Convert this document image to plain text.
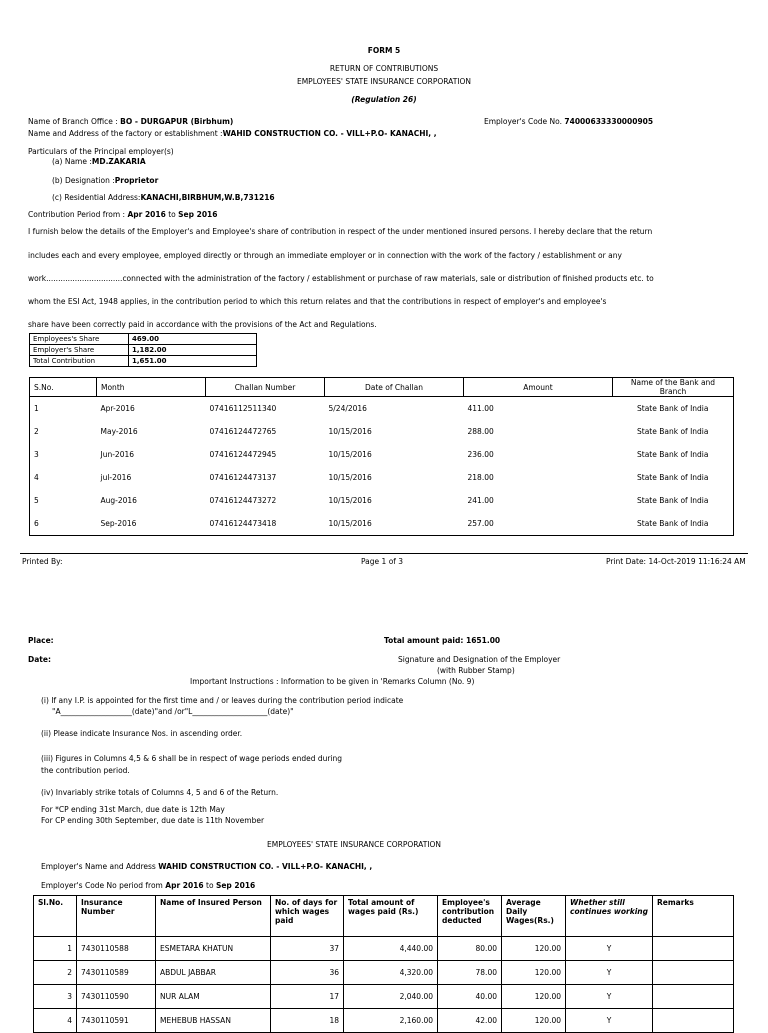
FORM 5
RETURN OF CONTRIBUTIONS
EMPLOYEES' STATE INSURANCE CORPORATION
(Regulation 26)
Name of Branch Office : BO - DURGAPUR (Birbhum)	Employer's Code No. 74000633330000905
Name and Address of the factory or establishment :WAHID CONSTRUCTION CO. - VILL+P.O- KANACHI, ,
Particulars of the Principal employer(s)
(a) Name :MD.ZAKARIA
(b) Designation :Proprietor
(c) Residential Address:KANACHI,BIRBHUM,W.B,731216
Contribution Period from : Apr 2016 to Sep 2016
I furnish below the details of the Employer's and Employee's share of contribution in respect of the under mentioned insured persons. I hereby declare that the return
includes each and every employee, employed directly or through an immediate employer or in connection with the work of the factory / establishment or any
work................................connected with the administration of the factory / establishment or purchase of raw materials, sale or distribution of finished products etc. to
whom the ESI Act, 1948 applies, in the contribution period to which this return relates and that the contributions in respect of employer's and employee's
share have been correctly paid in accordance with the provisions of the Act and Regulations.
Employees's Share	469.00
Employer's Share	1,182.00
Total Contribution	1,651.00
S.No.	Month	Challan Number	Date of Challan	Amount	Name of the Bank and Branch
1	Apr-2016	07416112511340	5/24/2016	411.00	State Bank of India
2	May-2016	07416124472765	10/15/2016	288.00	State Bank of India
3	Jun-2016	07416124472945	10/15/2016	236.00	State Bank of India
4	jul-2016	07416124473137	10/15/2016	218.00	State Bank of India
5	Aug-2016	07416124473272	10/15/2016	241.00	State Bank of India
6	Sep-2016	07416124473418	10/15/2016	257.00	State Bank of India
Printed By:	Page 1 of 3	Print Date: 14-Oct-2019 11:16:24 AM
Place:	Total amount paid: 1651.00
Date:	Signature and Designation of the Employer
(with Rubber Stamp)
Important Instructions : Information to be given in 'Remarks Column (No. 9)
(i) If any I.P. is appointed for the first time and / or leaves during the contribution period indicate
"A___________________(date)"and /or"L____________________(date)"
(ii) Please indicate Insurance Nos. in ascending order.
(iii) Figures in Columns 4,5 & 6 shall be in respect of wage periods ended during
the contribution period.
(iv) Invariably strike totals of Columns 4, 5 and 6 of the Return.
For *CP ending 31st March, due date is 12th May
For CP ending 30th September, due date is 11th November
EMPLOYEES' STATE INSURANCE CORPORATION
Employer's Name and Address WAHID CONSTRUCTION CO. - VILL+P.O- KANACHI, ,
Employer's Code No period from Apr 2016 to Sep 2016
Sl.No.	Insurance Number	Name of Insured Person	No. of days for which wages paid	Total amount of wages paid (Rs.)	Employee's contribution deducted	Average Daily Wages(Rs.)	Whether still continues working	Remarks
1	7430110588	ESMETARA KHATUN	37	4,440.00	80.00	120.00	Y	
2	7430110589	ABDUL JABBAR	36	4,320.00	78.00	120.00	Y	
3	7430110590	NUR ALAM	17	2,040.00	40.00	120.00	Y	
4	7430110591	MEHEBUB HASSAN	18	2,160.00	42.00	120.00	Y	
